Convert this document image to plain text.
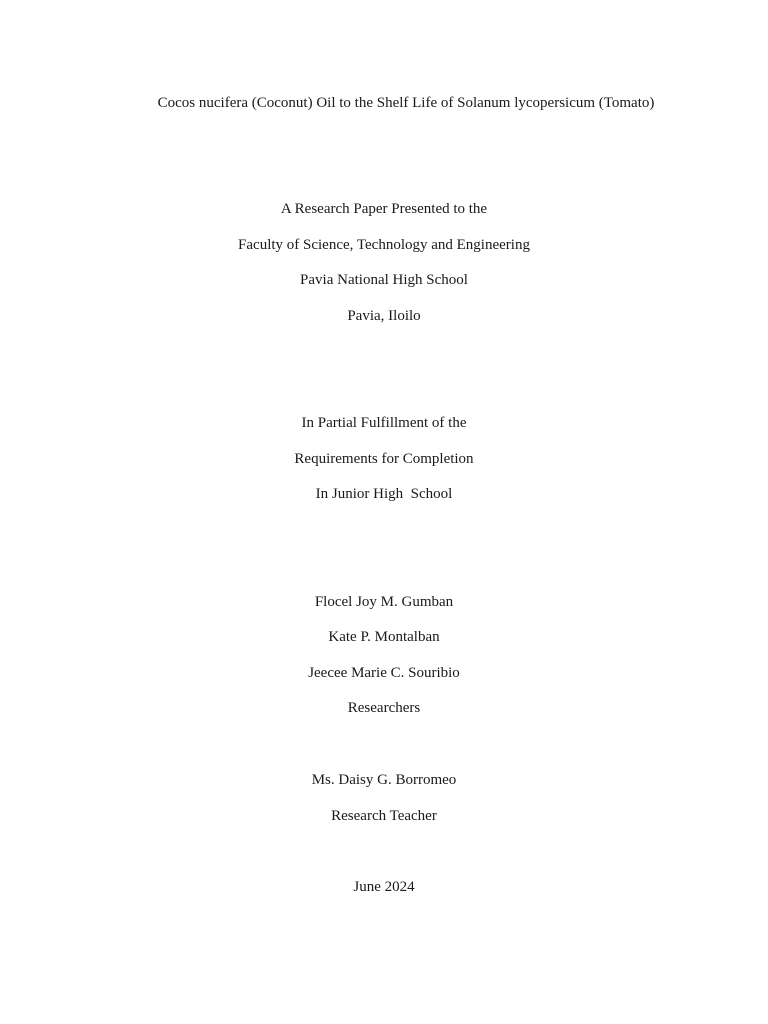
Cocos nucifera (Coconut) Oil to the Shelf Life of Solanum lycopersicum (Tomato)
A Research Paper Presented to the
Faculty of Science, Technology and Engineering
Pavia National High School
Pavia, Iloilo
In Partial Fulfillment of the
Requirements for Completion
In Junior High  School
Flocel Joy M. Gumban
Kate P. Montalban
Jeecee Marie C. Souribio
Researchers
Ms. Daisy G. Borromeo
Research Teacher
June 2024
